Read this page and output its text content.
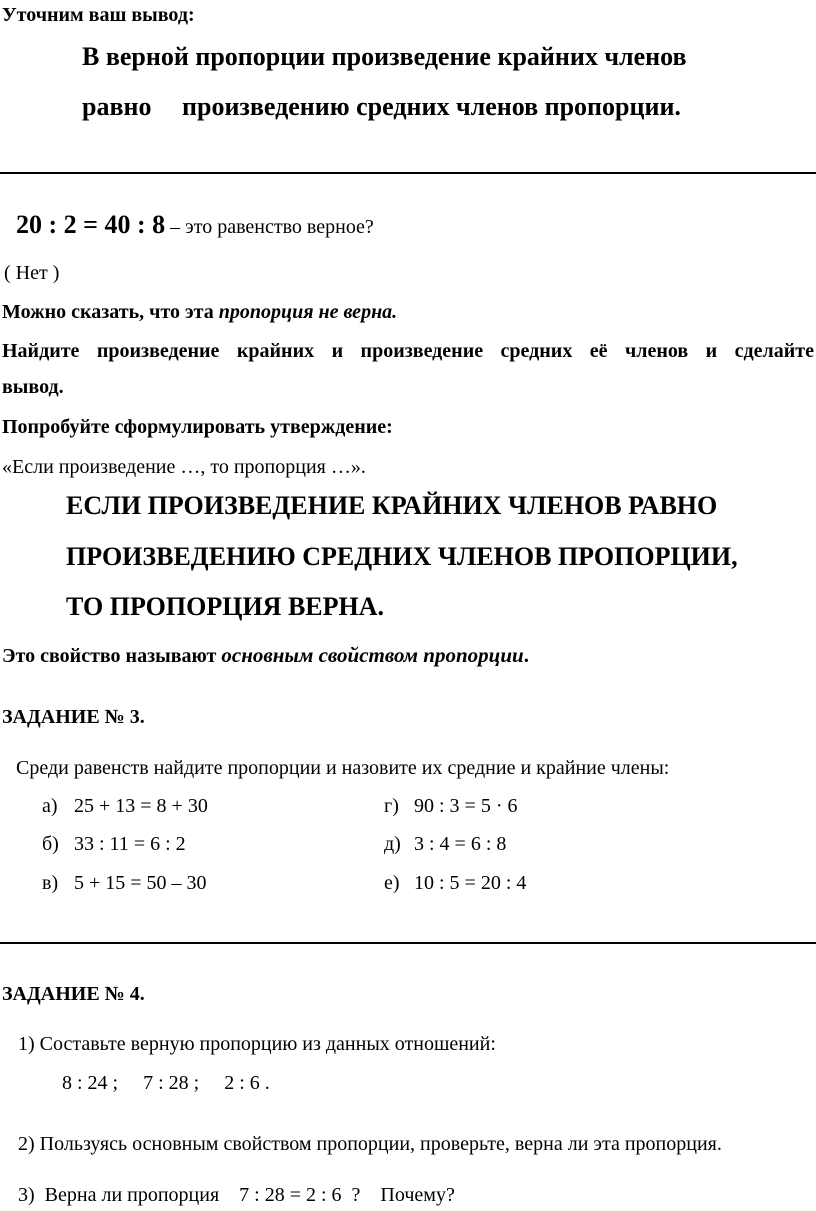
Уточним ваш вывод:
В верной пропорции произведение крайних членов
равно произведению средних членов пропорции.
20 : 2 = 40 : 8 – это равенство верное?
( Нет )
Можно сказать, что эта пропорция не верна.
Найдите произведение крайних и произведение средних её членов и сделайте
вывод.
Попробуйте сформулировать утверждение:
«Если произведение …, то пропорция …».
ЕСЛИ ПРОИЗВЕДЕНИЕ КРАЙНИХ ЧЛЕНОВ РАВНО
ПРОИЗВЕДЕНИЮ СРЕДНИХ ЧЛЕНОВ ПРОПОРЦИИ,
ТО ПРОПОРЦИЯ ВЕРНА.
Это свойство называют основным свойством пропорции.
ЗАДАНИЕ № 3.
Среди равенств найдите пропорции и назовите их средние и крайние члены:
а) 25 + 13 = 8 + 30
б) 33 : 11 = 6 : 2
в) 5 + 15 = 50 – 30
г) 90 : 3 = 5 · 6
д) 3 : 4 = 6 : 8
е) 10 : 5 = 20 : 4
ЗАДАНИЕ № 4.
1) Составьте верную пропорцию из данных отношений:
8 : 24 ;     7 : 28 ;     2 : 6 .
2) Пользуясь основным свойством пропорции, проверьте, верна ли эта пропорция.
3)  Верна ли пропорция    7 : 28 = 2 : 6  ?    Почему?
